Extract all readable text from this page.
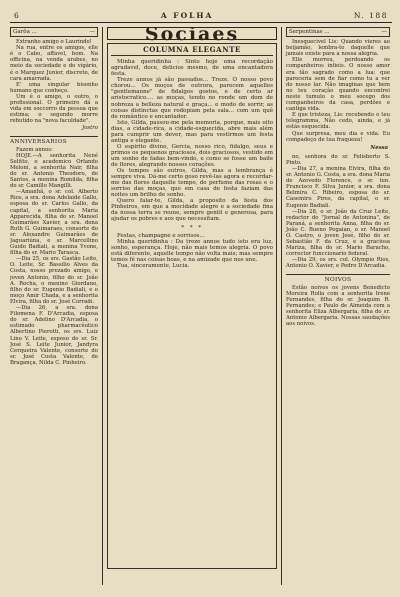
6	A FOLHA	N. 188
Garôa ...	—

Extranho amigo o Laurindo!

Na rua, entre os amigos, elle é o Cabo, affavel, bom. Na officina, na venda arabes, no meio da sociedade e do vigário, é o Marquez Junior, discreto, de cara amarrada.

E' uma singular bisonho humano que conheço.

Um é o amigo, o outro, o profissional. O primeiro dá a vida em soccorro da pessoa que estima; o segundo morre rebutido na "nova faculdade".

Jostro
ANNIVERSARIOS

Fazem annos:

HOJE.—A senhorita Nené Selitto, o academico Orlando Meloni, a senhorita Nair, filha do sr. Antonio Theodoro, de Santos, a menina Romilda, filha do sr. Camillo Mangilli.

—Amanhã, o sr. col. Alberto Rios, a sra. dona Adelaide Gallo, esposa do sr. Carlos Gallo, da capital, a senhorita Maria Apparecida, filha do sr. Manoel Guimarães Xavier, a sra. dona Ruth G. Guimaraes, consorte do sr. Alexandre Guimarães de Jaguariúna, e sr. Marcellino Guido Badiali, a menina Yvone, filha do sr. Mario Tarasca.

—Dia 25, os srs. Gastão Leite, O. Leite, Sr. Bassilio Alves da Costa, nosso prezado amigo, e joven Antonio, filho do sr. João A. Rocha, o menino Giordano, filho do sr. Eugenio Badiali, e o moço Amir Chada, e a senhorita Elvira, filha do sr. José Corradi.

—Dia 26, a sra. dona Filomena F. D'Arcadia, esposa do sr. Adelino D'Arcadia, o estimado pharmacêutico Albertino Pierotti, os srs. Luiz Lino V. Leite, esposo do sr. Sr. José S. Leite Junior, Jandyra Cerqueira Valente, consorte do sr. José Costa Valente, de Bragança, Nilda C. Pinheiro.

Sociaes
COLUMNA ELEGANTE

Minha queridinha : Sinto hoje uma recordação agradavel, doce, delicios mesmo, de uma encantadora festa.

Treze annos já são passados... Treze. O nosso povo chorou... Os moços de outrora, parecem aquelles "gentlemanne" de fidalgos gostos, e de certo ar aristocratico.... as moças, tendo no ronde um dom de nobreza a belleza natural e graça... e modo de sorrir, as coisas distinctas que rodopiam pela sala... com um quê de romântico e encantador.

Isto, Gilda, passou-me pela memoria, porque, mais oito dias, a cidade-rica, a cidade-esquecida, abre mais além para cumprir um dever, mas para vestirmos um festa antiga e elegante.

O espirito divino, Gercia, nosso rico, fidalgo, seus e primos os pequenos graciosos, dois graciosos, vestido em um sonho de fadas bem-vindo, e como se fosse um baile de flores, alegrando nossos corações.

Os tempos são outros, Gilda, mas a lembrança é sempre viva. Dá-me certo goso revê-las agora e recordar-me das flores daquelle tempo, do perfume das rosas e o sorriso das moças, que em casa de festa faziam das noites um brilho de sonho.

Quero falar-te, Gilda, a proposito da festa dos Pinheiros, em que a mocidade alegre e a sociedade fina da nossa terra se reune, sempre gentil e generosa, para ajudar os pobres e aos que necessitam.

∗ ∗ ∗

Festas, champagne e sorrisos...

Minha queridinha : Da treze annos tudo isto era luz, sonho, esperança. Hoje, não mais temos alegria. O povo está diferente, aquelle tempo não volta mais; mas sempre temos fé nas coisas boas, e na amizade que nos une.

Tua, sinceramente, Lucia.

Serpentinas ...	—

Inesquecivel Lis: Quando vieres ao beijamão, lembra-te daquelle que jamais existe para a nossa alegria.

Elle morreu, perdoando os companheiros infieis. O nosso amor era tão sagrado como a lua: que pareceria sem de fiar como tu a ver do nosso lar. Não imaginas que bem no teu coração quando encontrei neste tumulo o meu socego dos companheiros da casa, perdões e cantiga vida.

E que tristeza, Lis: recebendo o teu telegramma, Não cedo, ainda, e já estás esquecida.

Que surpresa, meu dia e vida. Eu compadeço de tua fraqueza!

Nessa

no, senhora do sr. Felisberto S. Pinto.

—Dia 27, a menina Elvira, filha do sr. Antonio G. Costa, a sra. dona Maria de Azevedo Florence, o sr. ten. Francisco F. Silva Junior, a sra. dona Belmira C. Ribeiro, esposa do sr. Casemiro Pires, da capital, o sr. Eugenio Badiali.

—Dia 28, o sr. João da Cruz Leite, redactor do "Jornal de Antonina", de Paraná, a senhorita Anna, filha do sr. João C. Bueno Pegaian, o sr. Manoel O. Castro, o joven José, filho do sr. Sebastião F. da Cruz, e a graciosa Mariza, filha do sr. Mario Baracho, corrector funccionario federal.

—Dia 29, os srs. col. Olympio Rios, Antonio O. Xavier, e Pedro D'Arcadia.

NOIVOS

Estão noivos os jovens Benedicto Moreira Rolla com a senhorita Irene Fernandes, filha do sr. Joaquim R. Fernandes; e Paulo de Almeida com a senhorita Eliza Albergaria, filha do sr. Antonio Albergaria. Nossas saudações aos noivos.
